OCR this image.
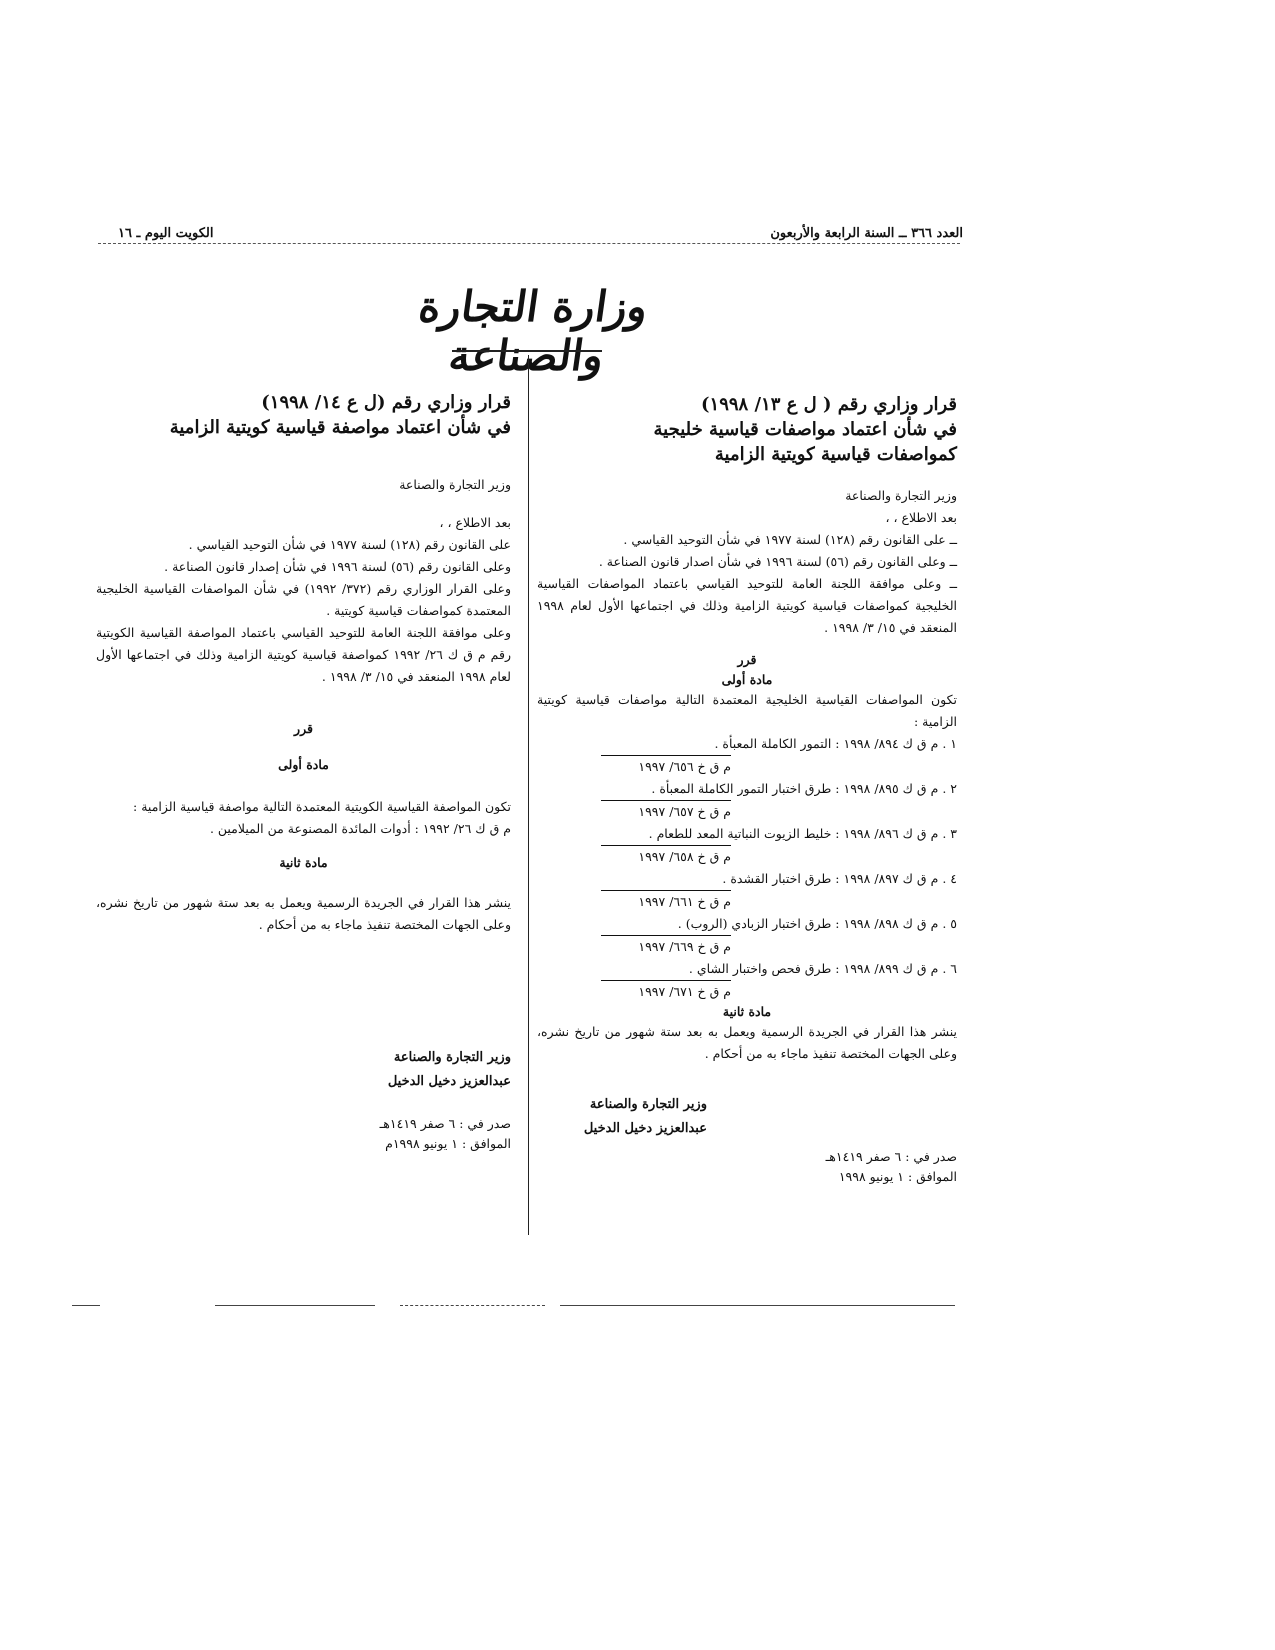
العدد ٣٦٦ ــ السنة الرابعة والأربعون
الكويت اليوم ـ ١٦
وزارة التجارة والصناعة
قرار وزاري رقم ( ل ع ١٣/ ١٩٩٨)
في شأن اعتماد مواصفات قياسية خليجية
كمواصفات قياسية كويتية الزامية

وزير التجارة والصناعة

بعد الاطلاع ، ،

ــ على القانون رقم (١٢٨) لسنة ١٩٧٧ في شأن التوحيد القياسي .

ــ وعلى القانون رقم (٥٦) لسنة ١٩٩٦ في شأن اصدار قانون الصناعة .

ــ وعلى موافقة اللجنة العامة للتوحيد القياسي باعتماد المواصفات القياسية الخليجية كمواصفات قياسية كويتية الزامية وذلك في اجتماعها الأول لعام ١٩٩٨ المنعقد في ١٥/ ٣/ ١٩٩٨ .

قرر

مادة أولى

تكون المواصفات القياسية الخليجية المعتمدة التالية مواصفات قياسية كويتية الزامية :

١ . م ق ك ٨٩٤/ ١٩٩٨ : التمور الكاملة المعبأة .

م ق خ ٦٥٦/ ١٩٩٧

٢ . م ق ك ٨٩٥/ ١٩٩٨ : طرق اختبار التمور الكاملة المعبأة .

م ق خ ٦٥٧/ ١٩٩٧

٣ . م ق ك ٨٩٦/ ١٩٩٨ : خليط الزيوت النباتية المعد للطعام .

م ق خ ٦٥٨/ ١٩٩٧

٤ . م ق ك ٨٩٧/ ١٩٩٨ : طرق اختبار القشدة .

م ق خ ٦٦١/ ١٩٩٧

٥ . م ق ك ٨٩٨/ ١٩٩٨ : طرق اختبار الزبادي (الروب) .

م ق خ ٦٦٩/ ١٩٩٧

٦ . م ق ك ٨٩٩/ ١٩٩٨ : طرق فحص واختبار الشاي .

م ق خ ٦٧١/ ١٩٩٧

مادة ثانية

ينشر هذا القرار في الجريدة الرسمية ويعمل به بعد ستة شهور من تاريخ نشره، وعلى الجهات المختصة تنفيذ ماجاء به من أحكام .

وزير التجارة والصناعة
عبدالعزيز دخيل الدخيل
صدر في : ٦ صفر ١٤١٩هـ
الموافق : ١ يونيو ١٩٩٨
قرار وزاري رقم (ل ع ١٤/ ١٩٩٨)
في شأن اعتماد مواصفة قياسية كويتية الزامية

وزير التجارة والصناعة

بعد الاطلاع ، ،

على القانون رقم (١٢٨) لسنة ١٩٧٧ في شأن التوحيد القياسي .

وعلى القانون رقم (٥٦) لسنة ١٩٩٦ في شأن إصدار قانون الصناعة .

وعلى القرار الوزاري رقم (٣٧٢/ ١٩٩٢) في شأن المواصفات القياسية الخليجية المعتمدة كمواصفات قياسية كويتية .

وعلى موافقة اللجنة العامة للتوحيد القياسي باعتماد المواصفة القياسية الكويتية رقم م ق ك ٢٦/ ١٩٩٢ كمواصفة قياسية كويتية الزامية وذلك في اجتماعها الأول لعام ١٩٩٨ المنعقد في ١٥/ ٣/ ١٩٩٨ .

قرر

مادة أولى

تكون المواصفة القياسية الكويتية المعتمدة التالية مواصفة قياسية الزامية :

م ق ك ٢٦/ ١٩٩٢ : أدوات المائدة المصنوعة من الميلامين .

مادة ثانية

ينشر هذا القرار في الجريدة الرسمية ويعمل به بعد ستة شهور من تاريخ نشره، وعلى الجهات المختصة تنفيذ ماجاء به من أحكام .

وزير التجارة والصناعة
عبدالعزيز دخيل الدخيل
صدر في : ٦ صفر ١٤١٩هـ
الموافق : ١ يونيو ١٩٩٨م
